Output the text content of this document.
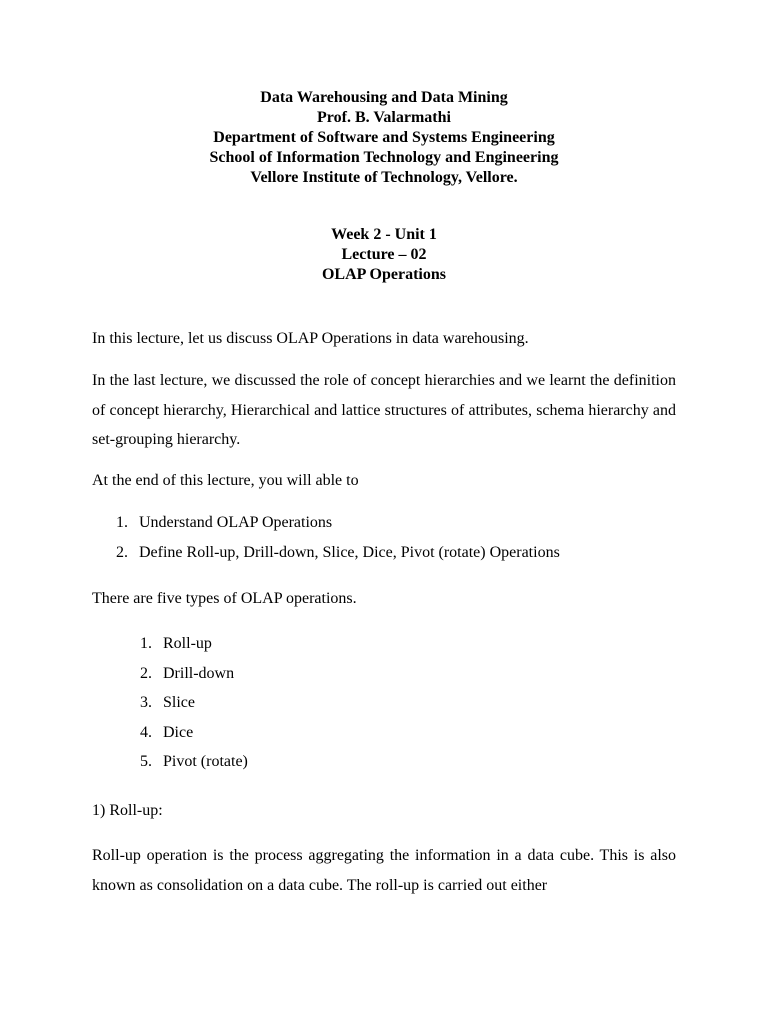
Data Warehousing and Data Mining
Prof. B. Valarmathi
Department of Software and Systems Engineering
School of Information Technology and Engineering
Vellore Institute of Technology, Vellore.
Week 2 - Unit 1
Lecture – 02
OLAP Operations
In this lecture, let us discuss OLAP Operations in data warehousing.
In the last lecture, we discussed the role of concept hierarchies and we learnt the definition of concept hierarchy, Hierarchical and lattice structures of attributes, schema hierarchy and set-grouping hierarchy.
At the end of this lecture, you will able to
1. Understand OLAP Operations
2. Define Roll-up, Drill-down, Slice, Dice, Pivot (rotate) Operations
There are five types of OLAP operations.
1. Roll-up
2. Drill-down
3. Slice
4. Dice
5. Pivot (rotate)
1) Roll-up:
Roll-up operation is the process aggregating the information in a data cube. This is also known as consolidation on a data cube. The roll-up is carried out either
